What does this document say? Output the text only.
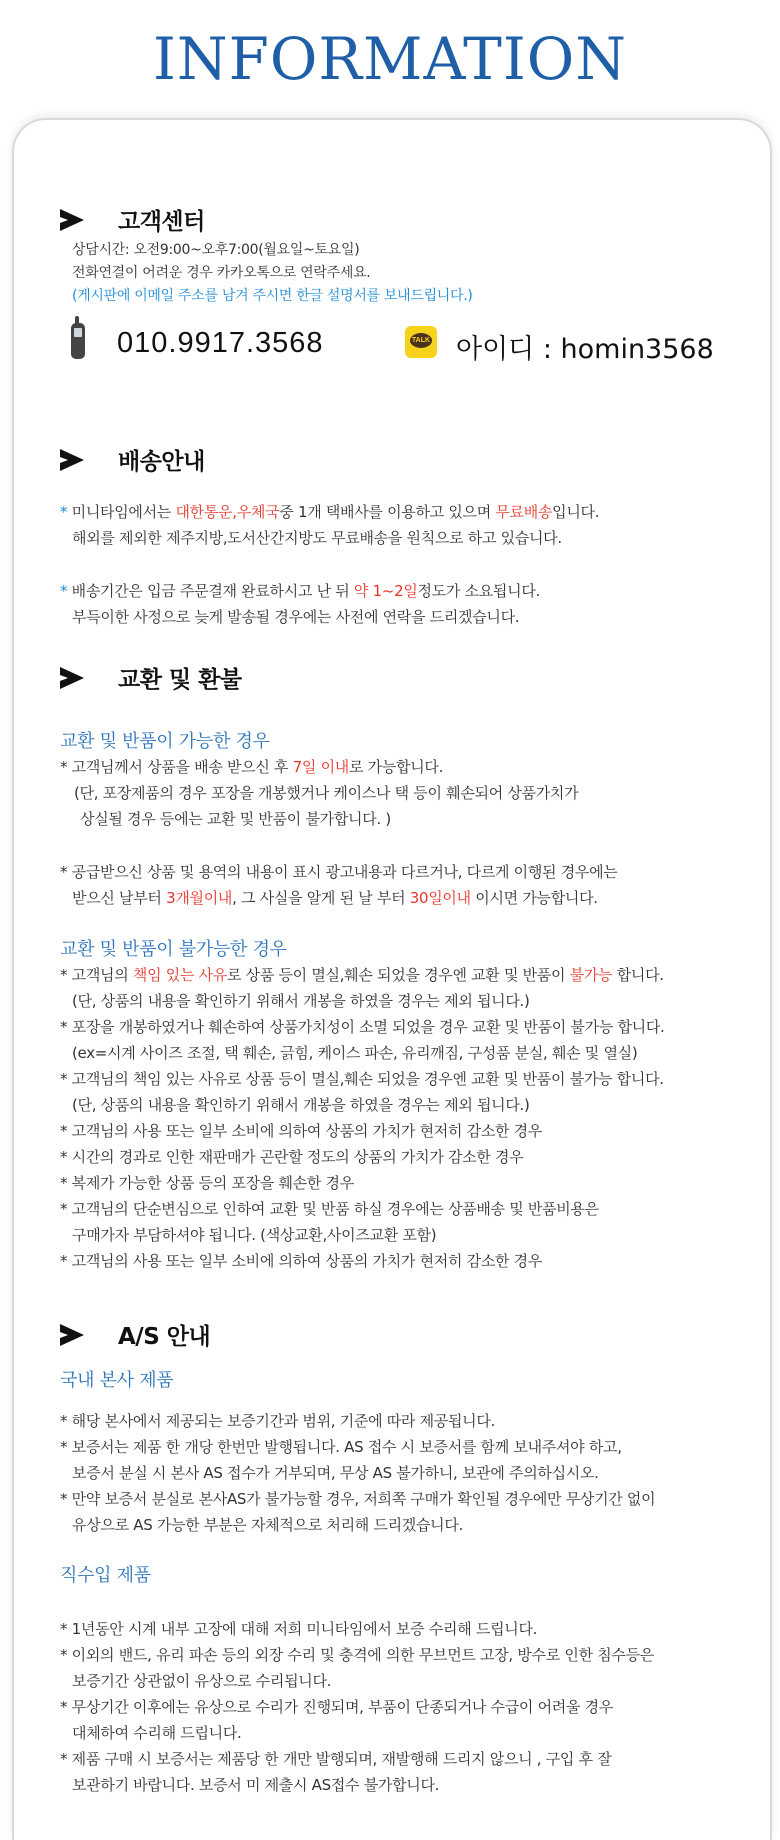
INFORMATION
고객센터
상담시간: 오전9:00~오후7:00(월요일~토요일)
전화연결이 어려운 경우 카카오톡으로 연락주세요.
(게시판에 이메일 주소를 남겨 주시면 한글 설명서를 보내드립니다.)
010.9917.3568	TALK 아이디 : homin3568
배송안내
* 미니타임에서는 대한통운,우체국중 1개 택배사를 이용하고 있으며 무료배송입니다.
해외를 제외한 제주지방,도서산간지방도 무료배송을 원칙으로 하고 있습니다.
* 배송기간은 입금 주문결재 완료하시고 난 뒤 약 1~2일정도가 소요됩니다.
부득이한 사정으로 늦게 발송될 경우에는 사전에 연락을 드리겠습니다.
교환 및 환불
교환 및 반품이 가능한 경우
* 고객님께서 상품을 배송 받으신 후 7일 이내로 가능합니다.
(단, 포장제품의 경우 포장을 개봉했거나 케이스나 택 등이 훼손되어 상품가치가
상실될 경우 등에는 교환 및 반품이 불가합니다. )
* 공급받으신 상품 및 용역의 내용이 표시 광고내용과 다르거나, 다르게 이행된 경우에는
받으신 날부터 3개월이내, 그 사실을 알게 된 날 부터 30일이내 이시면 가능합니다.
교환 및 반품이 불가능한 경우
* 고객님의 책임 있는 사유로 상품 등이 멸실,훼손 되었을 경우엔 교환 및 반품이 불가능 합니다.
(단, 상품의 내용을 확인하기 위해서 개봉을 하였을 경우는 제외 됩니다.)
* 포장을 개봉하였거나 훼손하여 상품가치성이 소멸 되었을 경우 교환 및 반품이 불가능 합니다.
(ex=시계 사이즈 조절, 택 훼손, 긁힘, 케이스 파손, 유리깨짐, 구성품 분실, 훼손 및 열실)
* 고객님의 책임 있는 사유로 상품 등이 멸실,훼손 되었을 경우엔 교환 및 반품이 불가능 합니다.
(단, 상품의 내용을 확인하기 위해서 개봉을 하였을 경우는 제외 됩니다.)
* 고객님의 사용 또는 일부 소비에 의하여 상품의 가치가 현저히 감소한 경우
* 시간의 경과로 인한 재판매가 곤란할 정도의 상품의 가치가 감소한 경우
* 복제가 가능한 상품 등의 포장을 훼손한 경우
* 고객님의 단순변심으로 인하여 교환 및 반품 하실 경우에는 상품배송 및 반품비용은
구매가자 부담하셔야 됩니다. (색상교환,사이즈교환 포함)
* 고객님의 사용 또는 일부 소비에 의하여 상품의 가치가 현저히 감소한 경우
A/S 안내
국내 본사 제품
* 해당 본사에서 제공되는 보증기간과 범위, 기준에 따라 제공됩니다.
* 보증서는 제품 한 개당 한번만 발행됩니다. AS 접수 시 보증서를 함께 보내주셔야 하고,
보증서 분실 시 본사 AS 접수가 거부되며, 무상 AS 불가하니, 보관에 주의하십시오.
* 만약 보증서 분실로 본사AS가 불가능할 경우, 저희쪽 구매가 확인될 경우에만 무상기간 없이
유상으로 AS 가능한 부분은 자체적으로 처리해 드리겠습니다.
직수입 제품
* 1년동안 시계 내부 고장에 대해 저희 미니타임에서 보증 수리해 드립니다.
* 이외의 밴드, 유리 파손 등의 외장 수리 및 충격에 의한 무브먼트 고장, 방수로 인한 침수등은
보증기간 상관없이 유상으로 수리됩니다.
* 무상기간 이후에는 유상으로 수리가 진행되며, 부품이 단종되거나 수급이 어려울 경우
대체하여 수리해 드립니다.
* 제품 구매 시 보증서는 제품당 한 개만 발행되며, 재발행해 드리지 않으니 , 구입 후 잘
보관하기 바랍니다. 보증서 미 제출시 AS접수 불가합니다.
